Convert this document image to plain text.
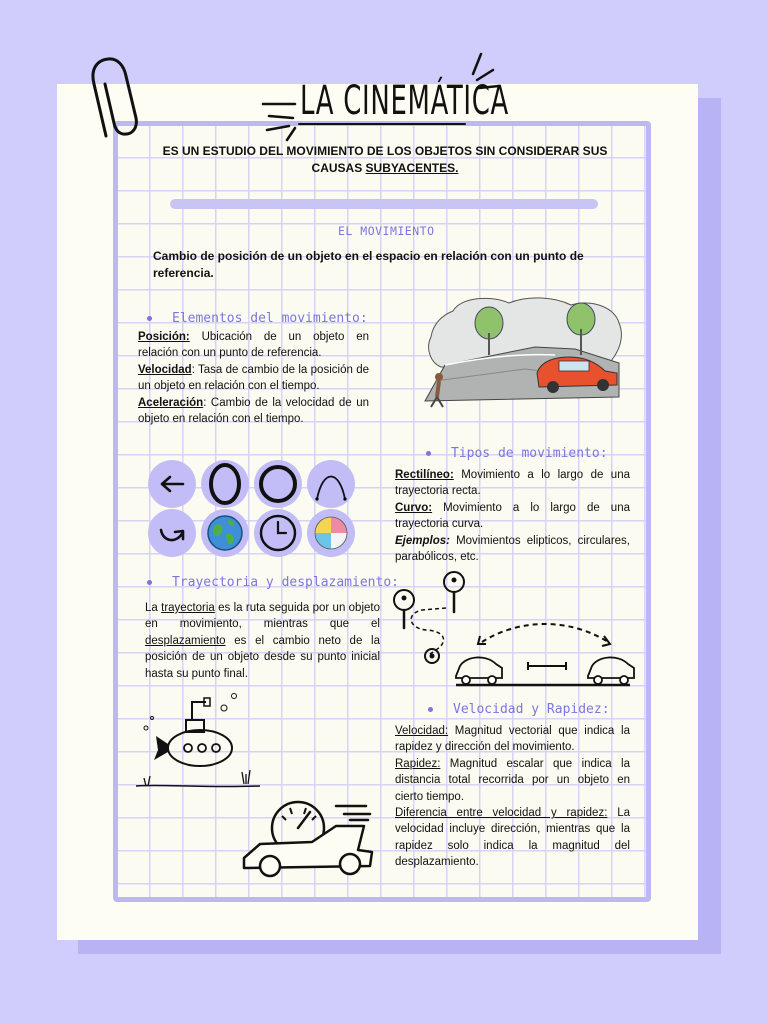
LA CINEMÁTICA
ES UN ESTUDIO DEL MOVIMIENTO DE LOS OBJETOS SIN CONSIDERAR SUS
CAUSAS SUBYACENTES.
EL MOVIMIENTO
Cambio de posición de un objeto en el espacio en relación con un punto de referencia.
Elementos del movimiento:

Posición: Ubicación de un objeto en relación con un punto de referencia.

Velocidad: Tasa de cambio de la posición de un objeto en relación con el tiempo.

Aceleración: Cambio de la velocidad de un objeto en relación con el tiempo.

Tipos de movimiento:

Rectilíneo: Movimiento a lo largo de una trayectoria recta.

Curvo: Movimiento a lo largo de una trayectoria curva.

Ejemplos: Movimientos elipticos, circulares, parabólicos, etc.

Trayectoria y desplazamiento:
La trayectoria es la ruta seguida por un objeto en movimiento, mientras que el desplazamiento es el cambio neto de la posición de un objeto desde su punto inicial hasta su punto final.
Velocidad y Rapidez:

Velocidad: Magnitud vectorial que indica la rapidez y dirección del movimiento.

Rapidez: Magnitud escalar que indica la distancia total recorrida por un objeto en cierto tiempo.

Diferencia entre velocidad y rapidez: La velocidad incluye dirección, mientras que la rapidez solo indica la magnitud del desplazamiento.
